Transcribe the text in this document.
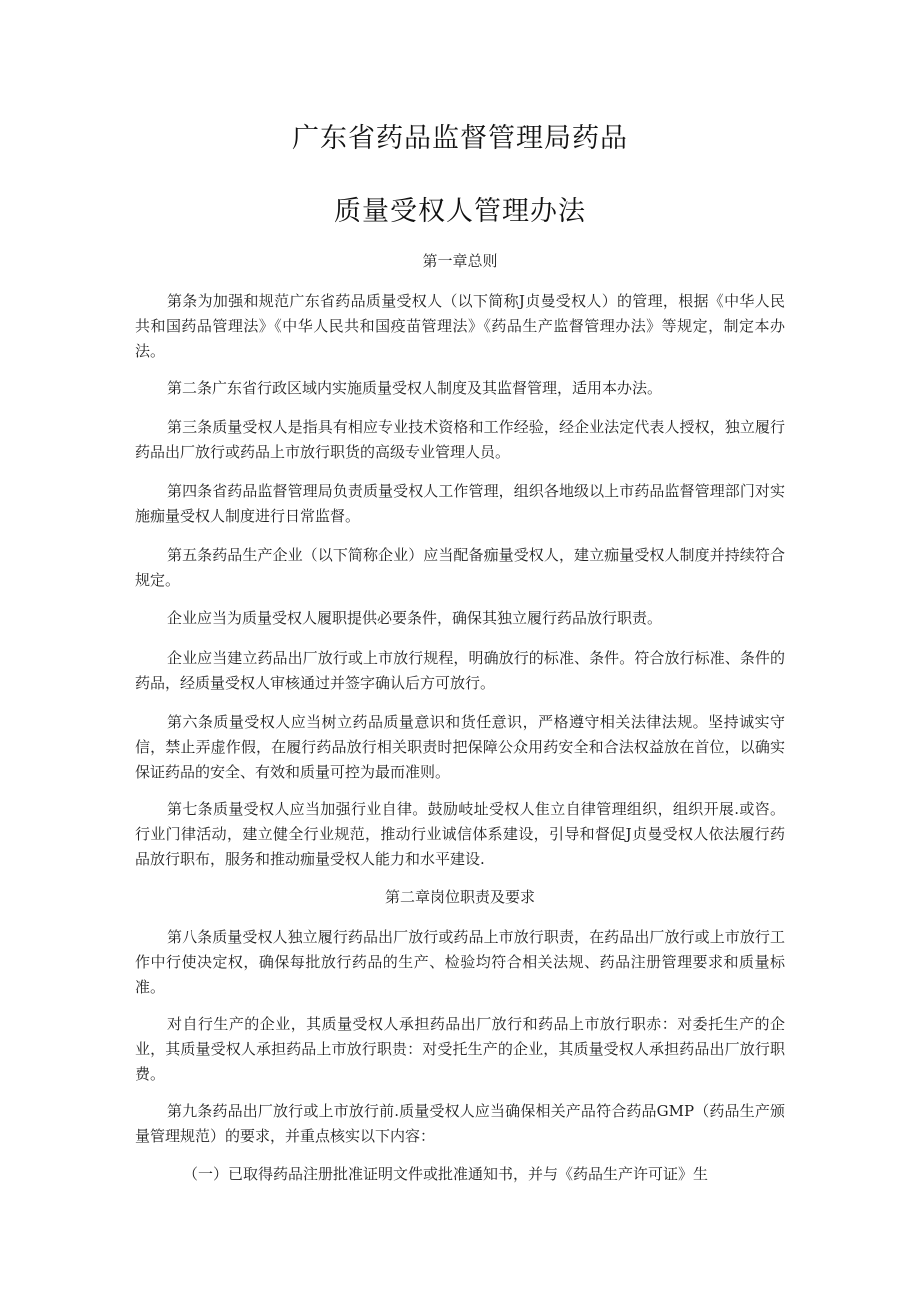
广东省药品监督管理局药品
质量受权人管理办法
第一章总则

第条为加强和规范广东省药品质量受权人（以下简称J贞曼受权人）的管理，根据《中华人民共和国药品管理法》《中华人民共和国疫苗管理法》《药品生产监督管理办法》等规定，制定本办法。

第二条广东省行政区域内实施质量受权人制度及其监督管理，适用本办法。

第三条质量受权人是指具有相应专业技术资格和工作经验，经企业法定代表人授权，独立履行药品出厂放行或药品上市放行职货的高级专业管理人员。

第四条省药品监督管理局负责质量受权人工作管理，组织各地级以上市药品监督管理部门对实施痂量受权人制度进行日常监督。

第五条药品生产企业（以下简称企业）应当配备痂量受权人，建立痂量受权人制度并持续符合规定。

企业应当为质量受权人履职提供必要条件，确保其独立履行药品放行职责。

企业应当建立药品出厂放行或上市放行规程，明确放行的标准、条件。符合放行标准、条件的药品，经质量受权人审核通过并签字确认后方可放行。

第六条质量受权人应当树立药品质量意识和货任意识，严格遵守相关法律法规。坚持诚实守信，禁止弄虚作假，在履行药品放行相关职责时把保障公众用药安全和合法权益放在首位，以确实保证药品的安全、有效和质量可控为最而准则。

第七条质量受权人应当加强行业自律。鼓励岐址受权人隹立自律管理组织，组织开展.或咨。行业门律活动，建立健全行业规范，推动行业诚信体系建设，引导和督促J贞曼受权人依法履行药品放行职布，服务和推动痂量受权人能力和水平建设.

第二章岗位职责及要求

第八条质量受权人独立履行药品出厂放行或药品上市放行职责，在药品出厂放行或上市放行工作中行使决定权，确保每批放行药品的生产、检验均符合相关法规、药品注册管理要求和质量标准。

对自行生产的企业，其质量受权人承担药品出厂放行和药品上市放行职赤：对委托生产的企业，其质量受权人承担药品上市放行职贵：对受托生产的企业，其质量受权人承担药品出厂放行职费。

第九条药品出厂放行或上市放行前.质量受权人应当确保相关产品符合药品GMP（药品生产颁量管理规范）的要求，并重点核实以下内容：

（一）已取得药品注册批准证明文件或批准通知书，并与《药品生产许可证》生
